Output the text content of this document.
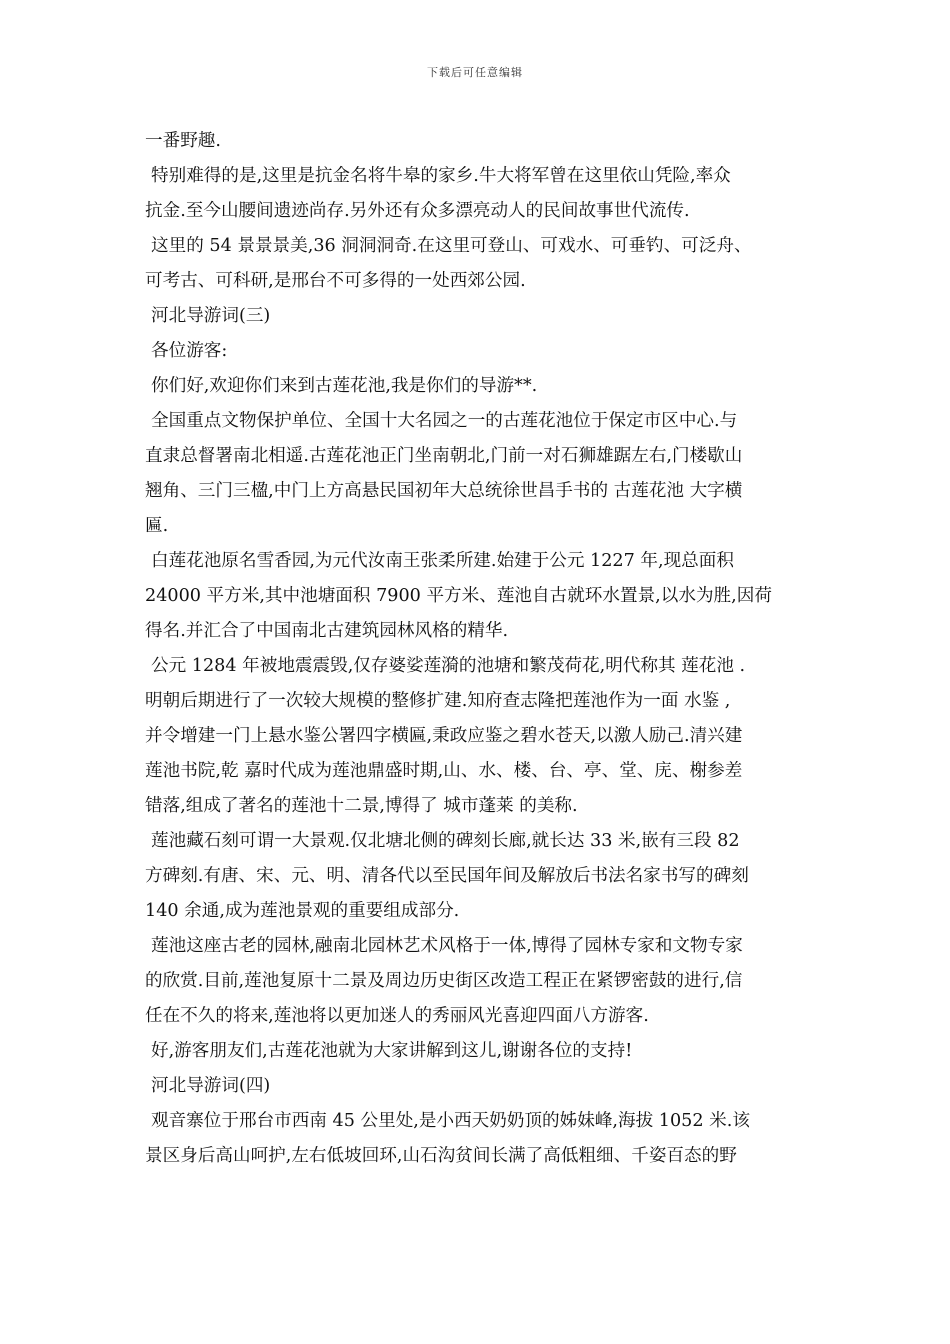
下载后可任意编辑
一番野趣.
特别难得的是,这里是抗金名将牛皋的家乡.牛大将军曾在这里依山凭险,率众
抗金.至今山腰间遗迹尚存.另外还有众多漂亮动人的民间故事世代流传.
这里的 54 景景景美,36 洞洞洞奇.在这里可登山、可戏水、可垂钓、可泛舟、
可考古、可科研,是邢台不可多得的一处西郊公园.
河北导游词(三)
各位游客:
你们好,欢迎你们来到古莲花池,我是你们的导游**.
全国重点文物保护单位、全国十大名园之一的古莲花池位于保定市区中心.与
直隶总督署南北相遥.古莲花池正门坐南朝北,门前一对石狮雄踞左右,门楼歇山
翘角、三门三楹,中门上方高悬民国初年大总统徐世昌手书的 古莲花池 大字横
匾.
白莲花池原名雪香园,为元代汝南王张柔所建.始建于公元 1227 年,现总面积
24000 平方米,其中池塘面积 7900 平方米、莲池自古就环水置景,以水为胜,因荷
得名.并汇合了中国南北古建筑园林风格的精华.
公元 1284 年被地震震毁,仅存婆娑莲漪的池塘和繁茂荷花,明代称其 莲花池 .
明朝后期进行了一次较大规模的整修扩建.知府查志隆把莲池作为一面 水鉴 ,
并令增建一门上悬水鉴公署四字横匾,秉政应鉴之碧水苍天,以激人励己.清兴建
莲池书院,乾 嘉时代成为莲池鼎盛时期,山、水、楼、台、亭、堂、庑、榭参差
错落,组成了著名的莲池十二景,博得了 城市蓬莱 的美称.
莲池藏石刻可谓一大景观.仅北塘北侧的碑刻长廊,就长达 33 米,嵌有三段 82
方碑刻.有唐、宋、元、明、清各代以至民国年间及解放后书法名家书写的碑刻
140 余通,成为莲池景观的重要组成部分.
莲池这座古老的园林,融南北园林艺术风格于一体,博得了园林专家和文物专家
的欣赏.目前,莲池复原十二景及周边历史街区改造工程正在紧锣密鼓的进行,信
任在不久的将来,莲池将以更加迷人的秀丽风光喜迎四面八方游客.
好,游客朋友们,古莲花池就为大家讲解到这儿,谢谢各位的支持!
河北导游词(四)
观音寨位于邢台市西南 45 公里处,是小西天奶奶顶的姊妹峰,海拔 1052 米.该
景区身后高山呵护,左右低坡回环,山石沟贫间长满了高低粗细、千姿百态的野
